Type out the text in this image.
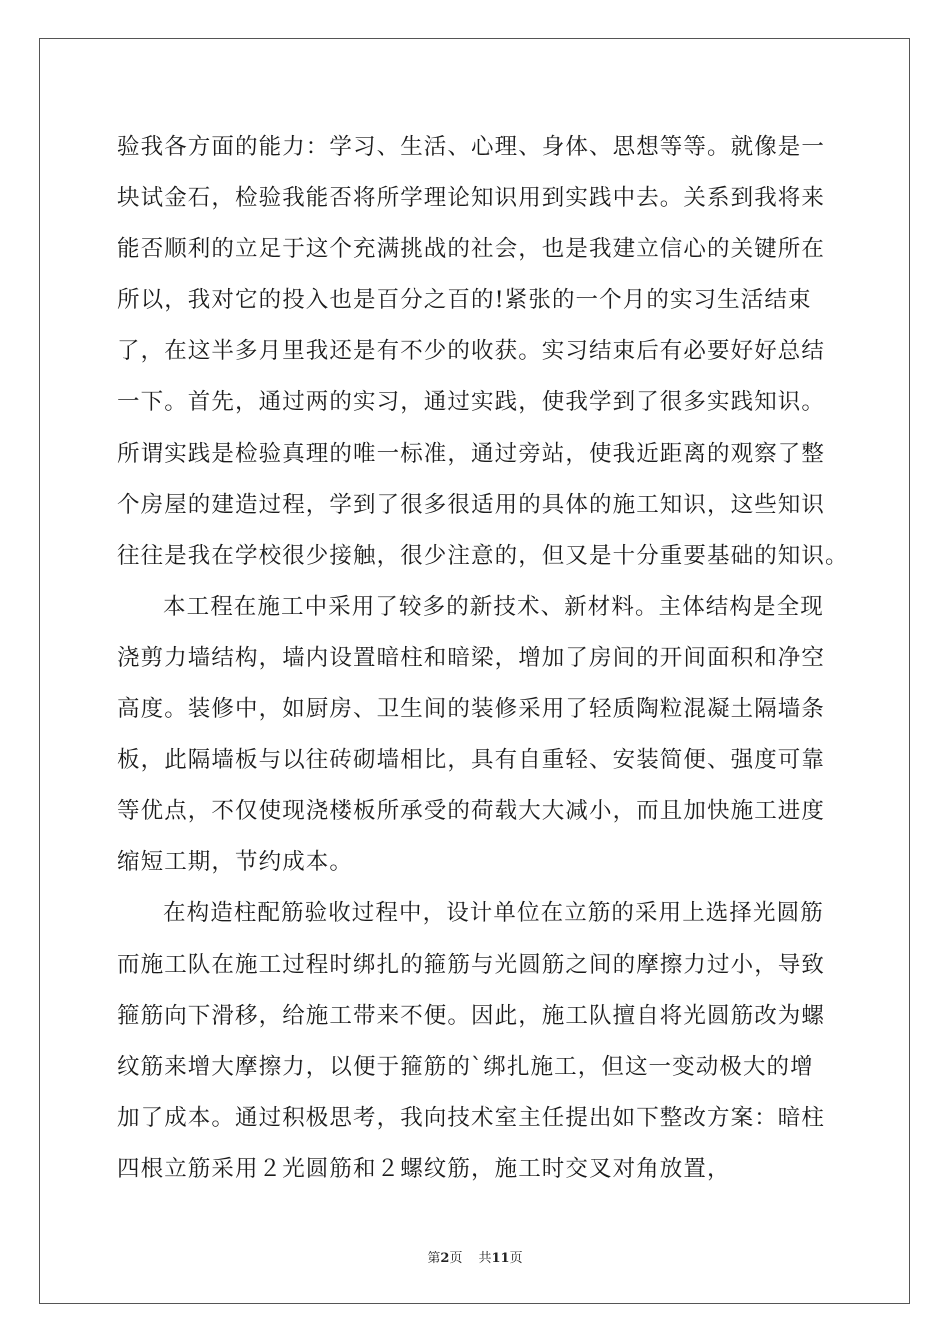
验我各方面的能力：学习、生活、心理、身体、思想等等。就像是一
块试金石，检验我能否将所学理论知识用到实践中去。关系到我将来
能否顺利的立足于这个充满挑战的社会，也是我建立信心的关键所在
所以，我对它的投入也是百分之百的!紧张的一个月的实习生活结束
了，在这半多月里我还是有不少的收获。实习结束后有必要好好总结
一下。首先，通过两的实习，通过实践，使我学到了很多实践知识。
所谓实践是检验真理的唯一标准，通过旁站，使我近距离的观察了整
个房屋的建造过程，学到了很多很适用的具体的施工知识，这些知识
往往是我在学校很少接触，很少注意的，但又是十分重要基础的知识。
本工程在施工中采用了较多的新技术、新材料。主体结构是全现
浇剪力墙结构，墙内设置暗柱和暗梁，增加了房间的开间面积和净空
高度。装修中，如厨房、卫生间的装修采用了轻质陶粒混凝土隔墙条
板，此隔墙板与以往砖砌墙相比，具有自重轻、安装简便、强度可靠
等优点，不仅使现浇楼板所承受的荷载大大减小，而且加快施工进度
缩短工期，节约成本。
在构造柱配筋验收过程中，设计单位在立筋的采用上选择光圆筋
而施工队在施工过程时绑扎的箍筋与光圆筋之间的摩擦力过小，导致
箍筋向下滑移，给施工带来不便。因此，施工队擅自将光圆筋改为螺
纹筋来增大摩擦力，以便于箍筋的`绑扎施工，但这一变动极大的增
加了成本。通过积极思考，我向技术室主任提出如下整改方案：暗柱
四根立筋采用２光圆筋和２螺纹筋，施工时交叉对角放置，
第2页 共11页
